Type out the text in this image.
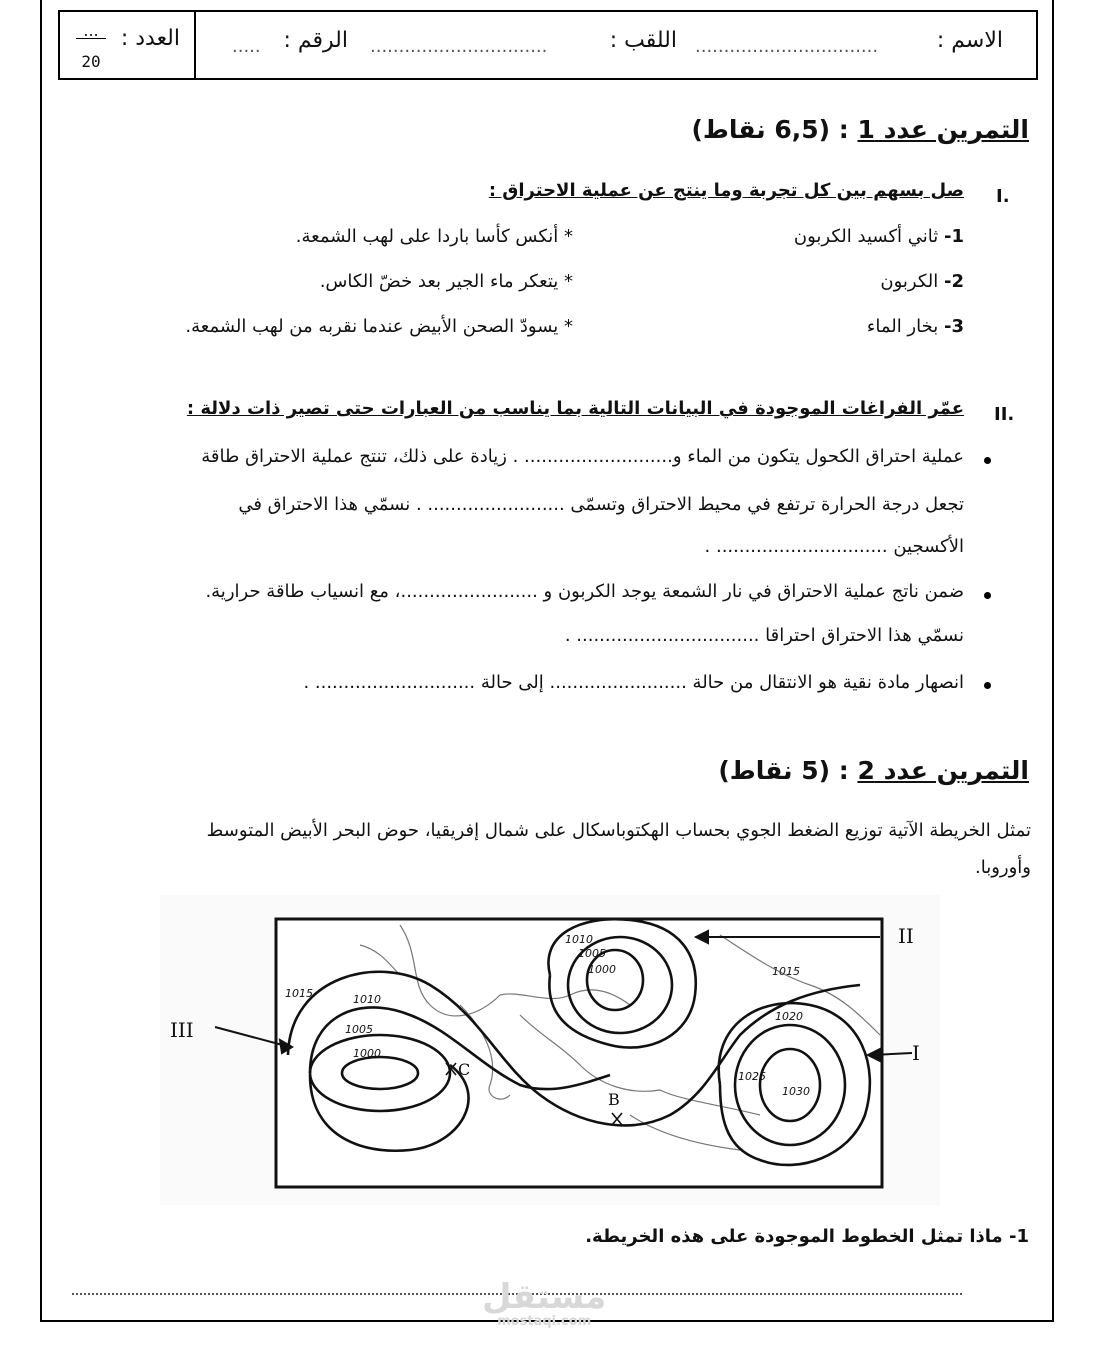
الاسم :
................................
اللقب :
...............................
الرقم :
.....
العدد :
...
20
التمرين عدد 1 : (6,5 نقاط)
I.
صل بسهم بين كل تجربة وما ينتج عن عملية الاحتراق :
1- ثاني أكسيد الكربون
2- الكربون
3- بخار الماء
* أنكس كأسا باردا على لهب الشمعة.
* يتعكر ماء الجير بعد خضّ الكاس.
* يسودّ الصحن الأبيض عندما نقربه من لهب الشمعة.
II.
عمّر الفراغات الموجودة في البيانات التالية بما يناسب من العبارات حتى تصير ذات دلالة :
عملية احتراق الكحول يتكون من الماء و.......................... . زيادة على ذلك، تنتج عملية الاحتراق طاقة
تجعل درجة الحرارة ترتفع في محيط الاحتراق وتسمّى ........................ . نسمّي هذا الاحتراق في
الأكسجين .............................. .
ضمن ناتج عملية الاحتراق في نار الشمعة يوجد الكربون و ........................، مع انسياب طاقة حرارية.
نسمّي هذا الاحتراق احتراقا ................................ .
انصهار مادة نقية هو الانتقال من حالة ........................ إلى حالة ............................ .
التمرين عدد 2 : (5 نقاط)
تمثل الخريطة الآتية توزيع الضغط الجوي بحساب الهكتوباسكال على شمال إفريقيا، حوض البحر الأبيض المتوسط
وأوروبا.
1015	1010
1005
1000
1010
1005
1000	1015
1020
1025
1030
III
II
I
B
C
1- ماذا تمثل الخطوط الموجودة على هذه الخريطة.
مستقل
mostaqi.com
